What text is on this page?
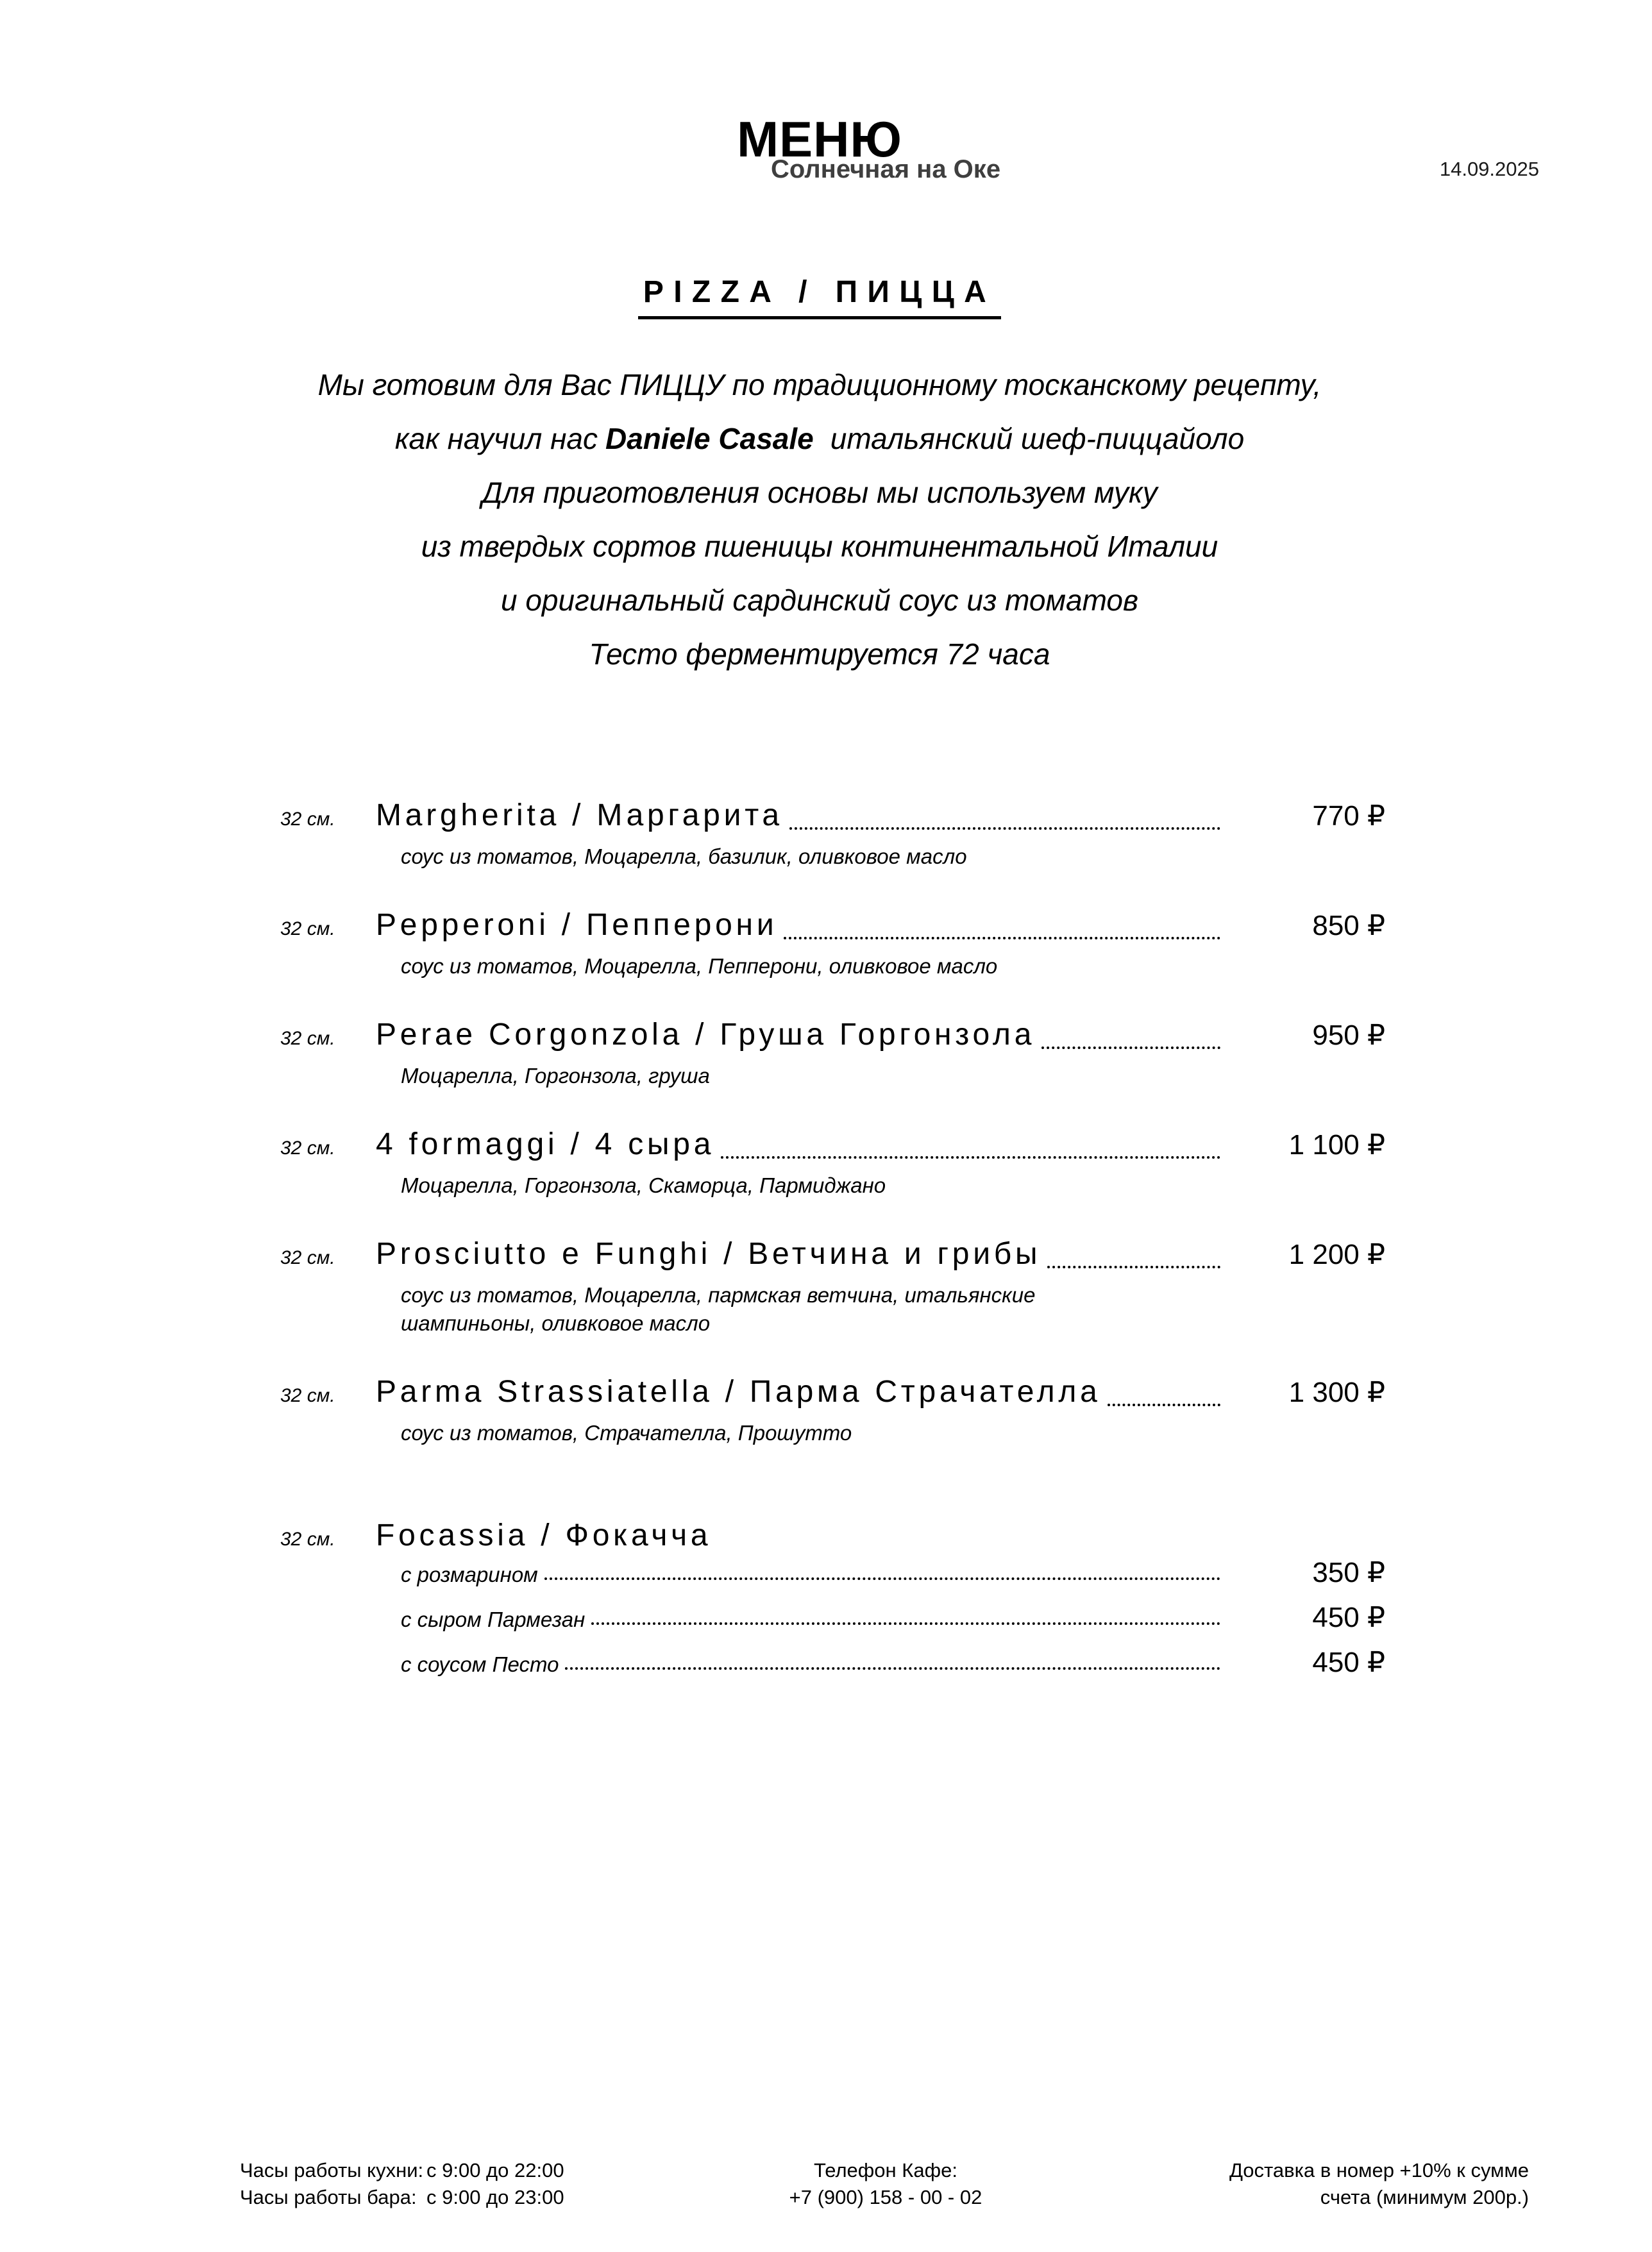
Солнечная на Оке	14.09.2025
МЕНЮ
PIZZA / ПИЦЦА
Мы готовим для Вас ПИЦЦУ по традиционному тосканскому рецепту,
как научил нас Daniele Casale итальянский шеф-пиццайоло
Для приготовления основы мы используем муку
из твердых сортов пшеницы континентальной Италии
и оригинальный сардинский соус из томатов
Тесто ферментируется 72 часа
32 см.	Margherita / Маргарита	770 ₽
соус из томатов, Моцарелла, базилик, оливковое масло
32 см.	Pepperoni / Пепперони	850 ₽
соус из томатов, Моцарелла, Пепперони, оливковое масло
32 см.	Perae Corgonzola / Груша Горгонзола	950 ₽
Моцарелла, Горгонзола, груша
32 см.	4 formaggi / 4 сыра	1 100 ₽
Моцарелла, Горгонзола, Скаморца, Пармиджано
32 см.	Prosciutto e Funghi / Ветчина и грибы	1 200 ₽
соус из томатов, Моцарелла, пармская ветчина, итальянские шампиньоны, оливковое масло
32 см.	Parma Strassiatella / Парма Страчателла	1 300 ₽
соус из томатов, Страчателла, Прошутто
32 см.	Focassia / Фокачча
с розмарином	350 ₽
с сыром Пармезан	450 ₽
с соусом Песто	450 ₽
Часы работы кухни: с 9:00 до 22:00
Часы работы бара: с 9:00 до 23:00
Телефон Кафе:
+7 (900) 158 - 00 - 02
Доставка в номер +10% к сумме
счета (минимум 200р.)
